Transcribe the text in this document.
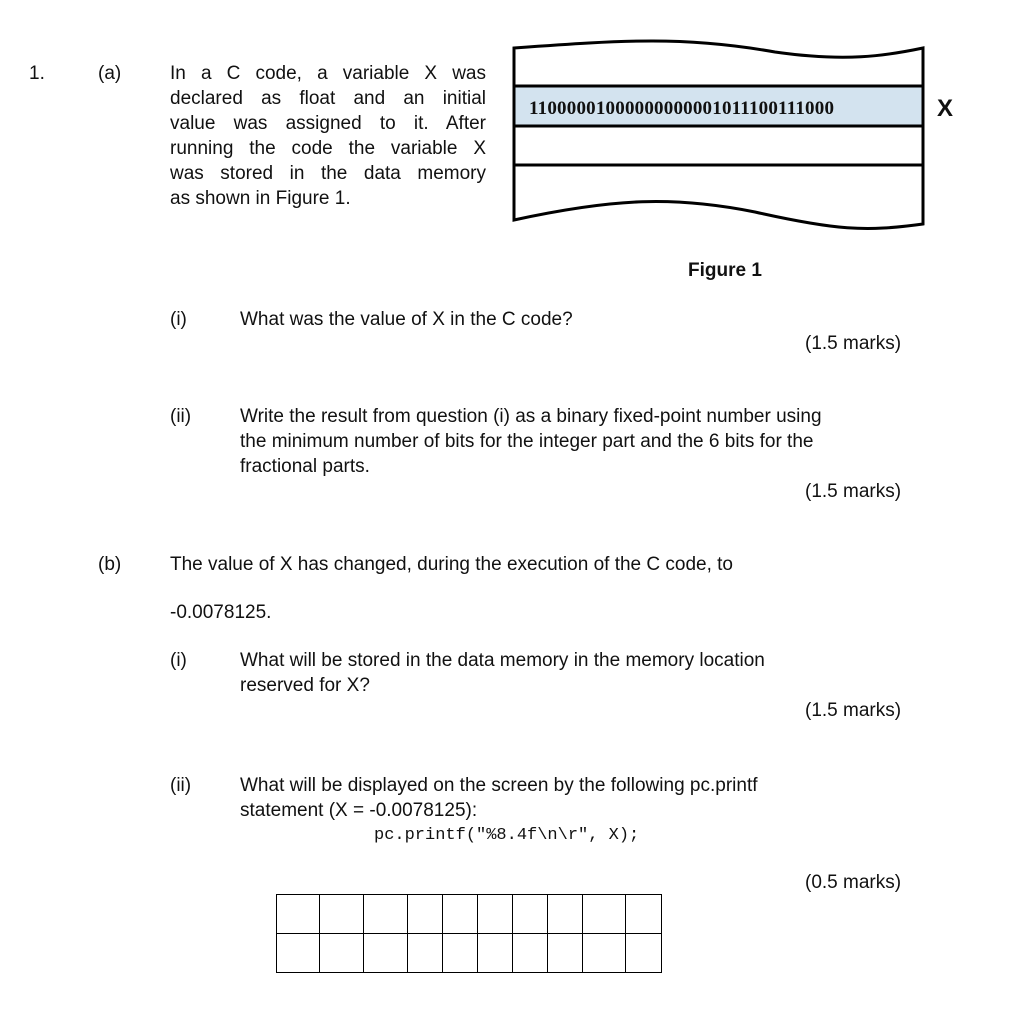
1.	(a)	In a C code, a variable X was
declared as float and an initial
value was assigned to it. After
running the code the variable X
was stored in the data memory
as shown in Figure 1.
11000001000000000001011100111000	X
Figure 1
(i)	What was the value of X in the C code?
(1.5 marks)
(ii)	Write the result from question (i) as a binary fixed-point number using
the minimum number of bits for the integer part and the 6 bits for the
fractional parts.
(1.5 marks)
(b)	The value of X has changed, during the execution of the C code, to
-0.0078125.
(i)	What will be stored in the data memory in the memory location
reserved for X?
(1.5 marks)
(ii)	What will be displayed on the screen by the following pc.printf
statement (X = -0.0078125):
pc.printf("%8.4f\n\r", X);
(0.5 marks)
